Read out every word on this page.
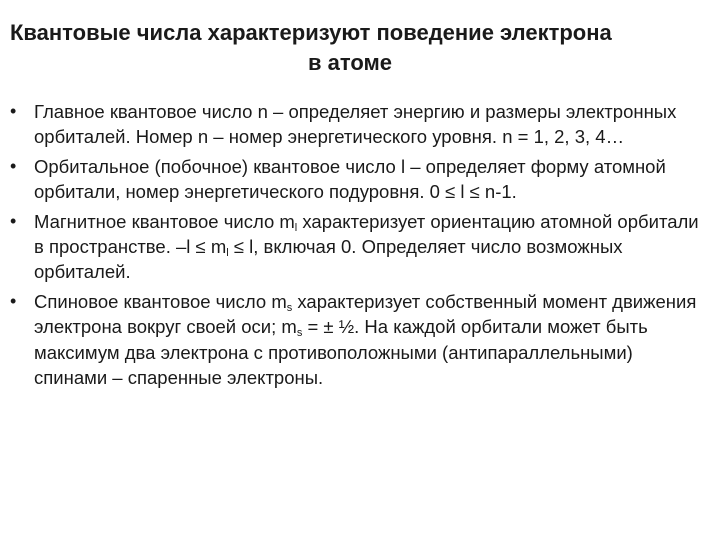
Квантовые числа характеризуют поведение электрона
в атоме
• Главное квантовое число n – определяет энергию и размеры электронных орбиталей. Номер n – номер энергетического уровня. n = 1, 2, 3, 4…
• Орбитальное (побочное) квантовое число l – определяет форму атомной орбитали, номер энергетического подуровня. 0 ≤ l ≤ n-1.
• Магнитное квантовое число $m_l$ характеризует ориентацию атомной орбитали в пространстве. $-l \le m_l \le l$, включая 0. Определяет число возможных орбиталей.
• Спиновое квантовое число $m_s$ характеризует собственный момент движения электрона вокруг своей оси; $m_s$ = ± ½. На каждой орбитали может быть максимум два электрона с противоположными (антипараллельными) спинами – спаренные электроны.
